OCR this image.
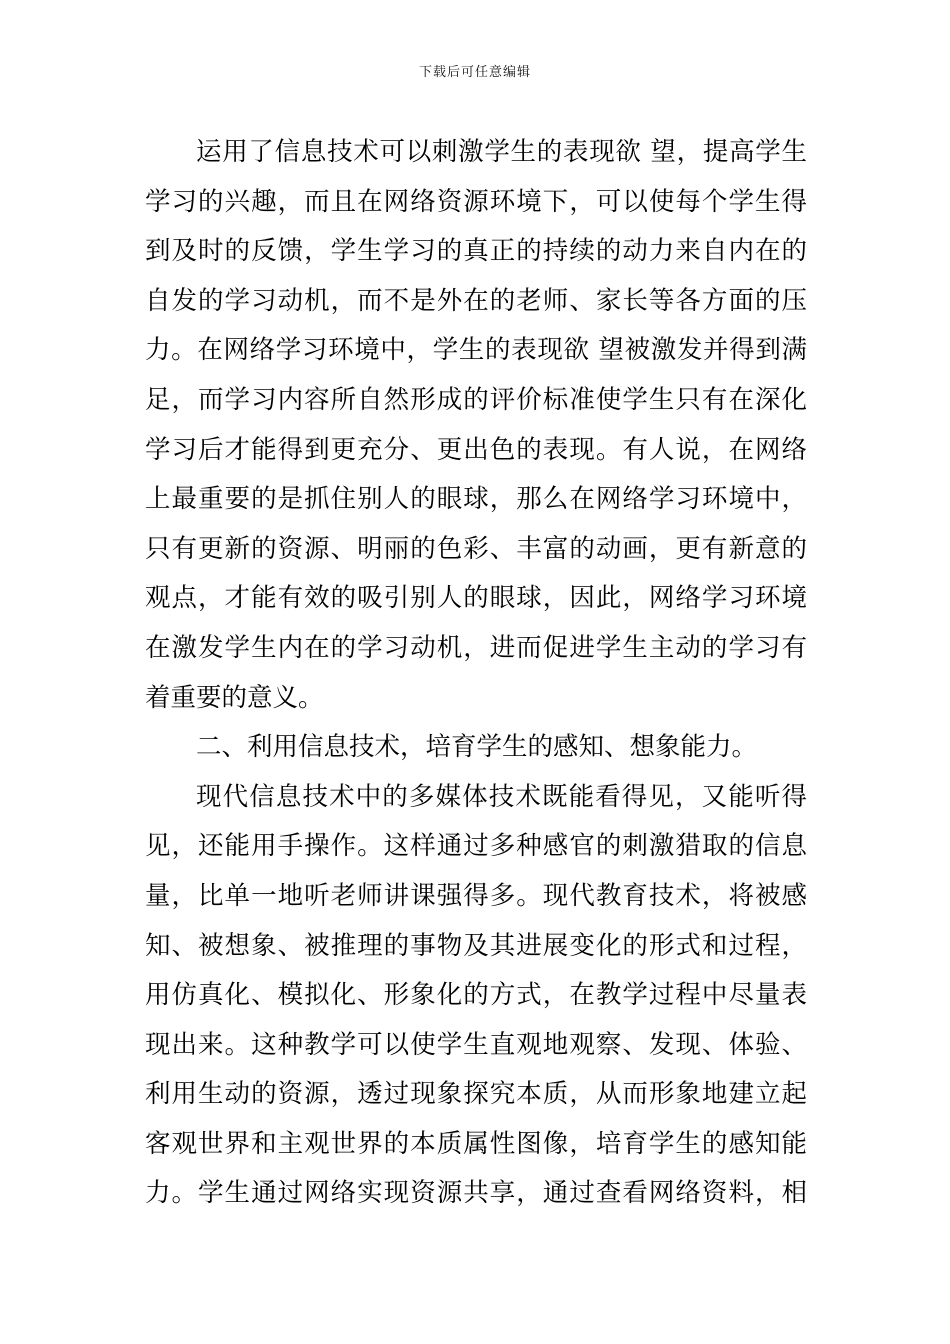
下载后可任意编辑
运用了信息技术可以刺激学生的表现欲 望，提高学生
学习的兴趣，而且在网络资源环境下，可以使每个学生得
到及时的反馈，学生学习的真正的持续的动力来自内在的
自发的学习动机，而不是外在的老师、家长等各方面的压
力。在网络学习环境中，学生的表现欲 望被激发并得到满
足，而学习内容所自然形成的评价标准使学生只有在深化
学习后才能得到更充分、更出色的表现。有人说，在网络
上最重要的是抓住别人的眼球，那么在网络学习环境中，
只有更新的资源、明丽的色彩、丰富的动画，更有新意的
观点，才能有效的吸引别人的眼球，因此，网络学习环境
在激发学生内在的学习动机，进而促进学生主动的学习有
着重要的意义。
二、利用信息技术，培育学生的感知、想象能力。
现代信息技术中的多媒体技术既能看得见，又能听得
见，还能用手操作。这样通过多种感官的刺激猎取的信息
量，比单一地听老师讲课强得多。现代教育技术，将被感
知、被想象、被推理的事物及其进展变化的形式和过程，
用仿真化、模拟化、形象化的方式，在教学过程中尽量表
现出来。这种教学可以使学生直观地观察、发现、体验、
利用生动的资源，透过现象探究本质，从而形象地建立起
客观世界和主观世界的本质属性图像，培育学生的感知能
力。学生通过网络实现资源共享，通过查看网络资料，相
